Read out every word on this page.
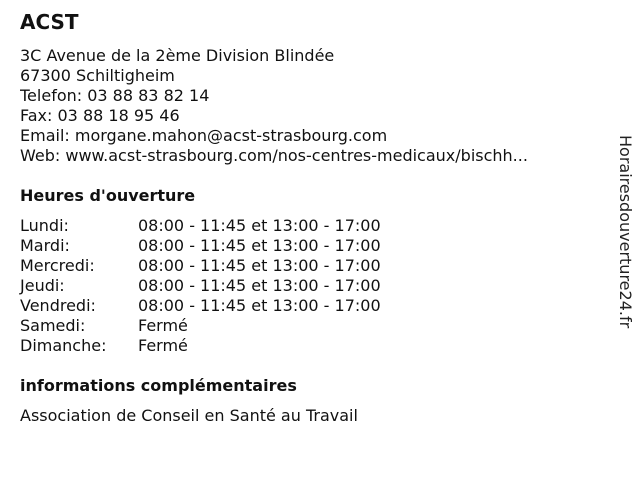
ACST
3C Avenue de la 2ème Division Blindée
67300 Schiltigheim
Telefon: 03 88 83 82 14
Fax: 03 88 18 95 46
Email: morgane.mahon@acst-strasbourg.com
Web: www.acst-strasbourg.com/nos-centres-medicaux/bischh...
Heures d'ouverture
Lundi:	08:00 - 11:45 et 13:00 - 17:00
Mardi:	08:00 - 11:45 et 13:00 - 17:00
Mercredi:	08:00 - 11:45 et 13:00 - 17:00
Jeudi:	08:00 - 11:45 et 13:00 - 17:00
Vendredi:	08:00 - 11:45 et 13:00 - 17:00
Samedi:	Fermé
Dimanche:	Fermé
informations complémentaires
Association de Conseil en Santé au Travail
Horairesdouverture24.fr
